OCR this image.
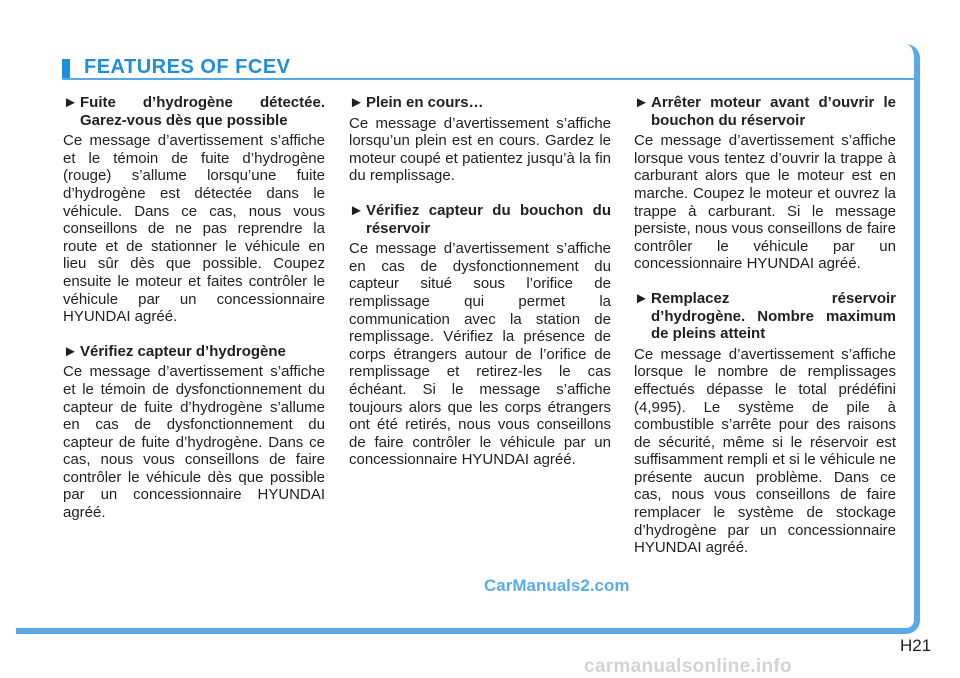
FEATURES OF FCEV
► Fuite d’hydrogène détectée. Garez-vous dès que possible
Ce message d’avertissement s’affiche et le témoin de fuite d’hydrogène (rouge) s’allume lorsqu’une fuite d’hydrogène est détectée dans le véhicule. Dans ce cas, nous vous conseillons de ne pas reprendre la route et de stationner le véhicule en lieu sûr dès que possible. Coupez ensuite le moteur et faites contrôler le véhicule par un concessionnaire HYUNDAI agréé.
► Vérifiez capteur d’hydrogène
Ce message d’avertissement s’affiche et le témoin de dysfonctionnement du capteur de fuite d’hydrogène s’allume en cas de dysfonctionnement du capteur de fuite d’hydrogène. Dans ce cas, nous vous conseillons de faire contrôler le véhicule dès que possible par un concessionnaire HYUNDAI agréé.
► Plein en cours…
Ce message d’avertissement s’affiche lorsqu’un plein est en cours. Gardez le moteur coupé et patientez jusqu’à la fin du remplissage.
► Vérifiez capteur du bouchon du réservoir
Ce message d’avertissement s’affiche en cas de dysfonctionnement du capteur situé sous l’orifice de remplissage qui permet la communication avec la station de remplissage. Vérifiez la présence de corps étrangers autour de l’orifice de remplissage et retirez-les le cas échéant. Si le message s’affiche toujours alors que les corps étrangers ont été retirés, nous vous conseillons de faire contrôler le véhicule par un concessionnaire HYUNDAI agréé.
► Arrêter moteur avant d’ouvrir le bouchon du réservoir
Ce message d’avertissement s’affiche lorsque vous tentez d’ouvrir la trappe à carburant alors que le moteur est en marche. Coupez le moteur et ouvrez la trappe à carburant. Si le message persiste, nous vous conseillons de faire contrôler le véhicule par un concessionnaire HYUNDAI agréé.
► Remplacez réservoir d’hydrogène. Nombre maximum de pleins atteint
Ce message d’avertissement s’affiche lorsque le nombre de remplissages effectués dépasse le total prédéfini (4,995). Le système de pile à combustible s’arrête pour des raisons de sécurité, même si le réservoir est suffisamment rempli et si le véhicule ne présente aucun problème. Dans ce cas, nous vous conseillons de faire remplacer le système de stockage d’hydrogène par un concessionnaire HYUNDAI agréé.
CarManuals2.com
H21
carmanualsonline.info
